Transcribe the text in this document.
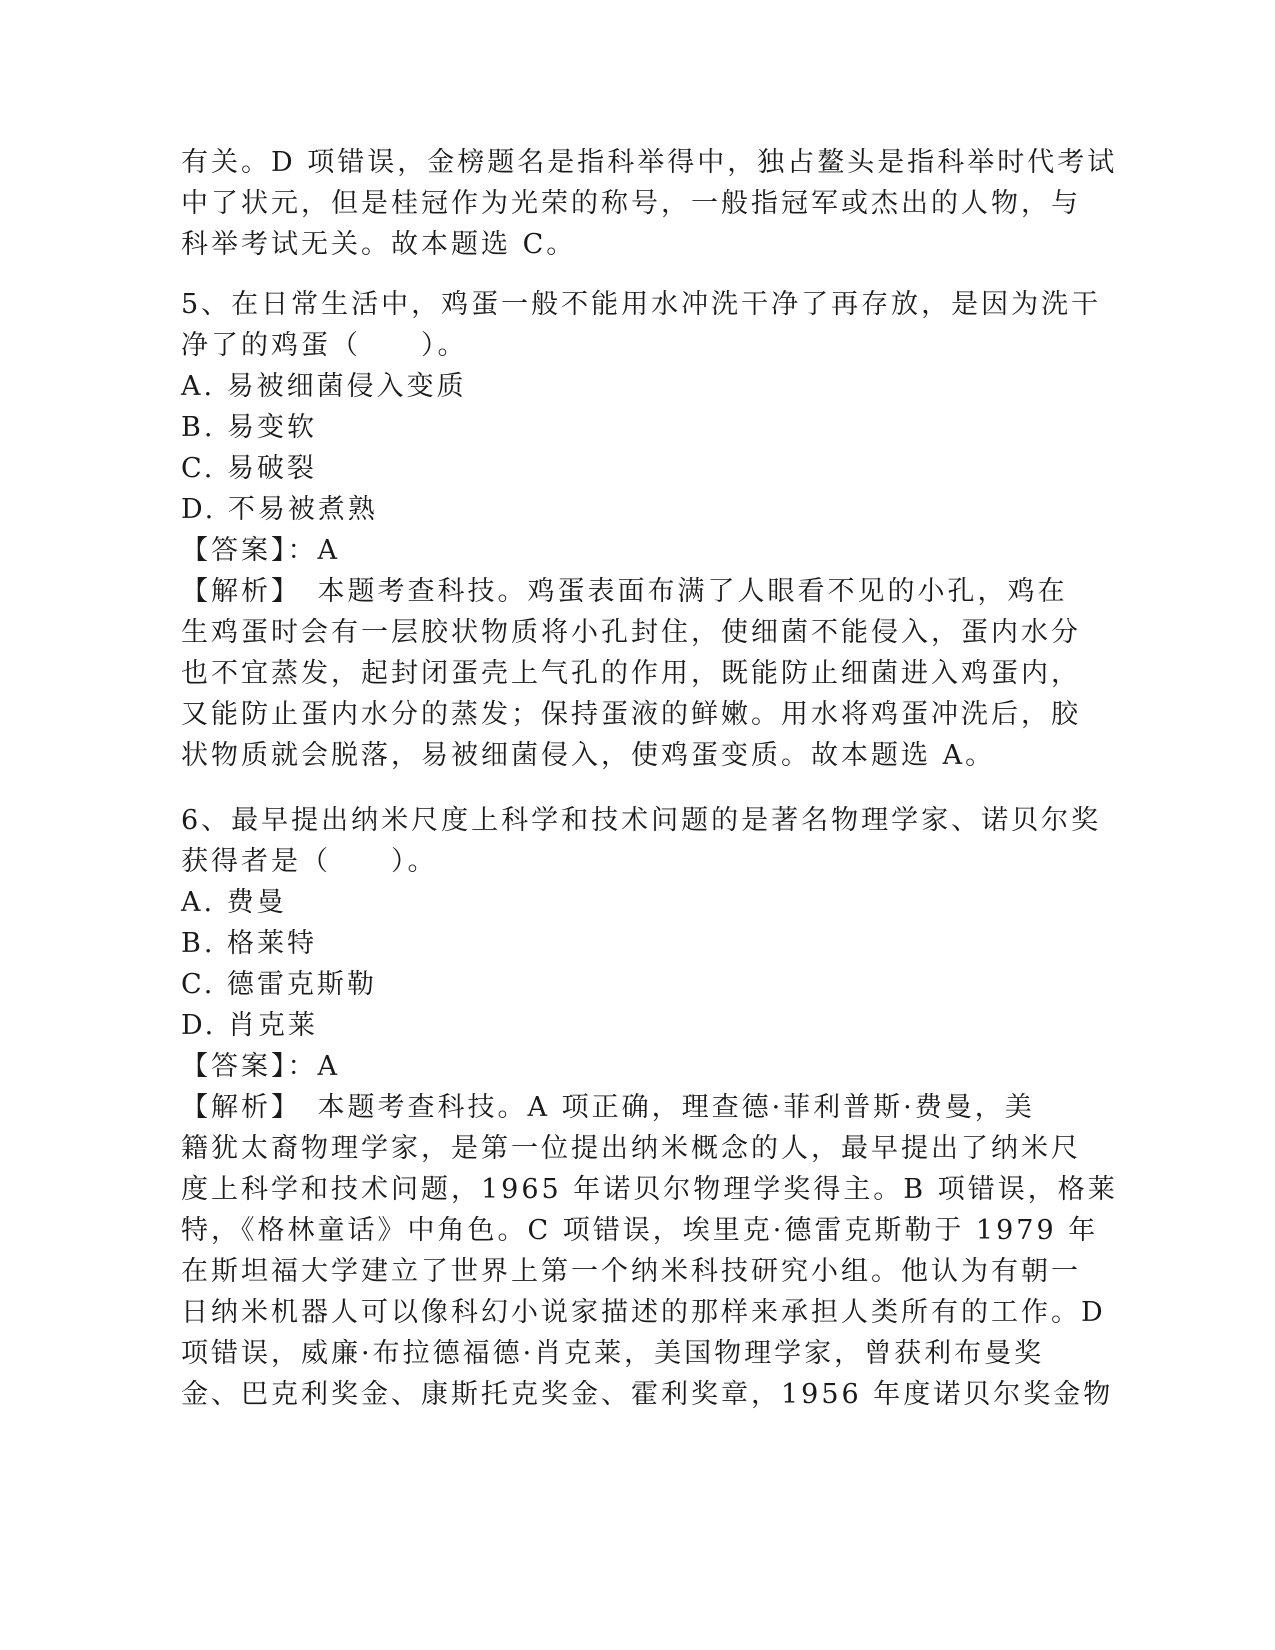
有关。D 项错误，金榜题名是指科举得中，独占鳌头是指科举时代考试
中了状元，但是桂冠作为光荣的称号，一般指冠军或杰出的人物，与
科举考试无关。故本题选 C。
5、在日常生活中，鸡蛋一般不能用水冲洗干净了再存放，是因为洗干
净了的鸡蛋（　　）。
A. 易被细菌侵入变质
B. 易变软
C. 易破裂
D. 不易被煮熟
【答案】：A
【解析】　本题考查科技。鸡蛋表面布满了人眼看不见的小孔，鸡在
生鸡蛋时会有一层胶状物质将小孔封住，使细菌不能侵入，蛋内水分
也不宜蒸发，起封闭蛋壳上气孔的作用，既能防止细菌进入鸡蛋内，
又能防止蛋内水分的蒸发；保持蛋液的鲜嫩。用水将鸡蛋冲洗后，胶
状物质就会脱落，易被细菌侵入，使鸡蛋变质。故本题选 A。
6、最早提出纳米尺度上科学和技术问题的是著名物理学家、诺贝尔奖
获得者是（　　）。
A. 费曼
B. 格莱特
C. 德雷克斯勒
D. 肖克莱
【答案】：A
【解析】　本题考查科技。A 项正确，理查德·菲利普斯·费曼，美
籍犹太裔物理学家，是第一位提出纳米概念的人，最早提出了纳米尺
度上科学和技术问题，1965 年诺贝尔物理学奖得主。B 项错误，格莱
特，《格林童话》中角色。C 项错误，埃里克·德雷克斯勒于 1979 年
在斯坦福大学建立了世界上第一个纳米科技研究小组。他认为有朝一
日纳米机器人可以像科幻小说家描述的那样来承担人类所有的工作。D
项错误，威廉·布拉德福德·肖克莱，美国物理学家，曾获利布曼奖
金、巴克利奖金、康斯托克奖金、霍利奖章，1956 年度诺贝尔奖金物
